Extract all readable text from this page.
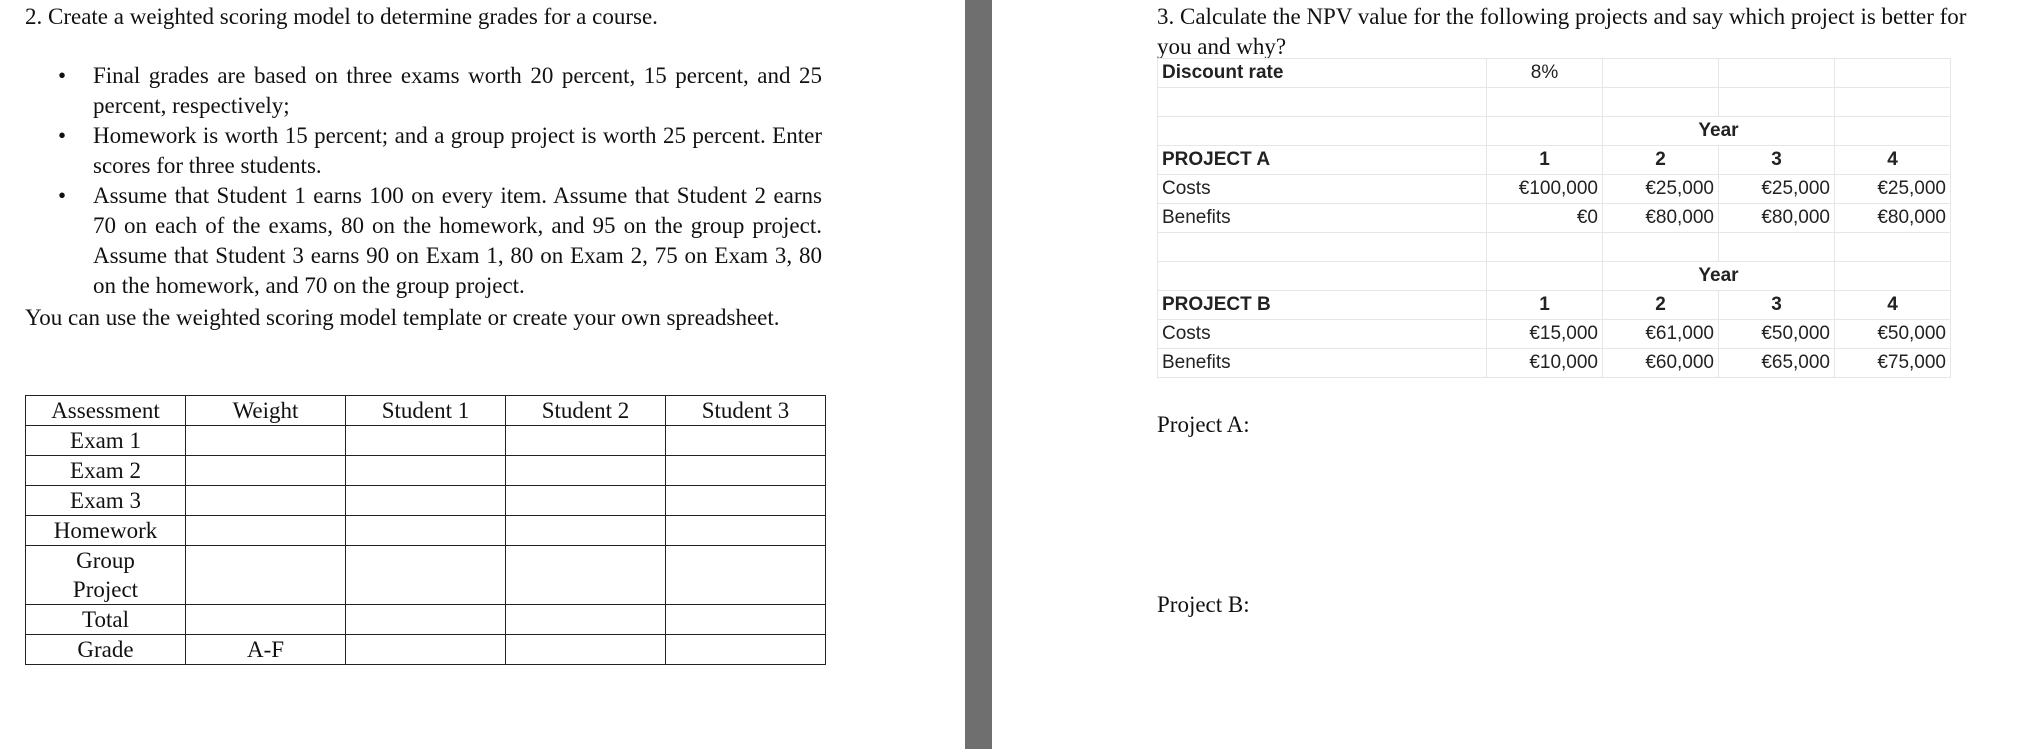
2. Create a weighted scoring model to determine grades for a course.

• Final grades are based on three exams worth 20 percent, 15 percent, and 25 percent, respectively;
• Homework is worth 15 percent; and a group project is worth 25 percent. Enter scores for three students.
• Assume that Student 1 earns 100 on every item. Assume that Student 2 earns 70 on each of the exams, 80 on the homework, and 95 on the group project. Assume that Student 3 earns 90 on Exam 1, 80 on Exam 2, 75 on Exam 3, 80 on the homework, and 70 on the group project.

You can use the weighted scoring model template or create your own spreadsheet.

Assessment	Weight	Student 1	Student 2	Student 3
Exam 1				
Exam 2				
Exam 3				
Homework				
Group Project				
Total				
Grade	A-F			

3. Calculate the NPV value for the following projects and say which project is better for you and why?

Discount rate	8%			

		Year		
PROJECT A	1	2	3	4
Costs	€100,000	€25,000	€25,000	€25,000
Benefits	€0	€80,000	€80,000	€80,000

		Year		
PROJECT B	1	2	3	4
Costs	€15,000	€61,000	€50,000	€50,000
Benefits	€10,000	€60,000	€65,000	€75,000
Project A:
Project B:
